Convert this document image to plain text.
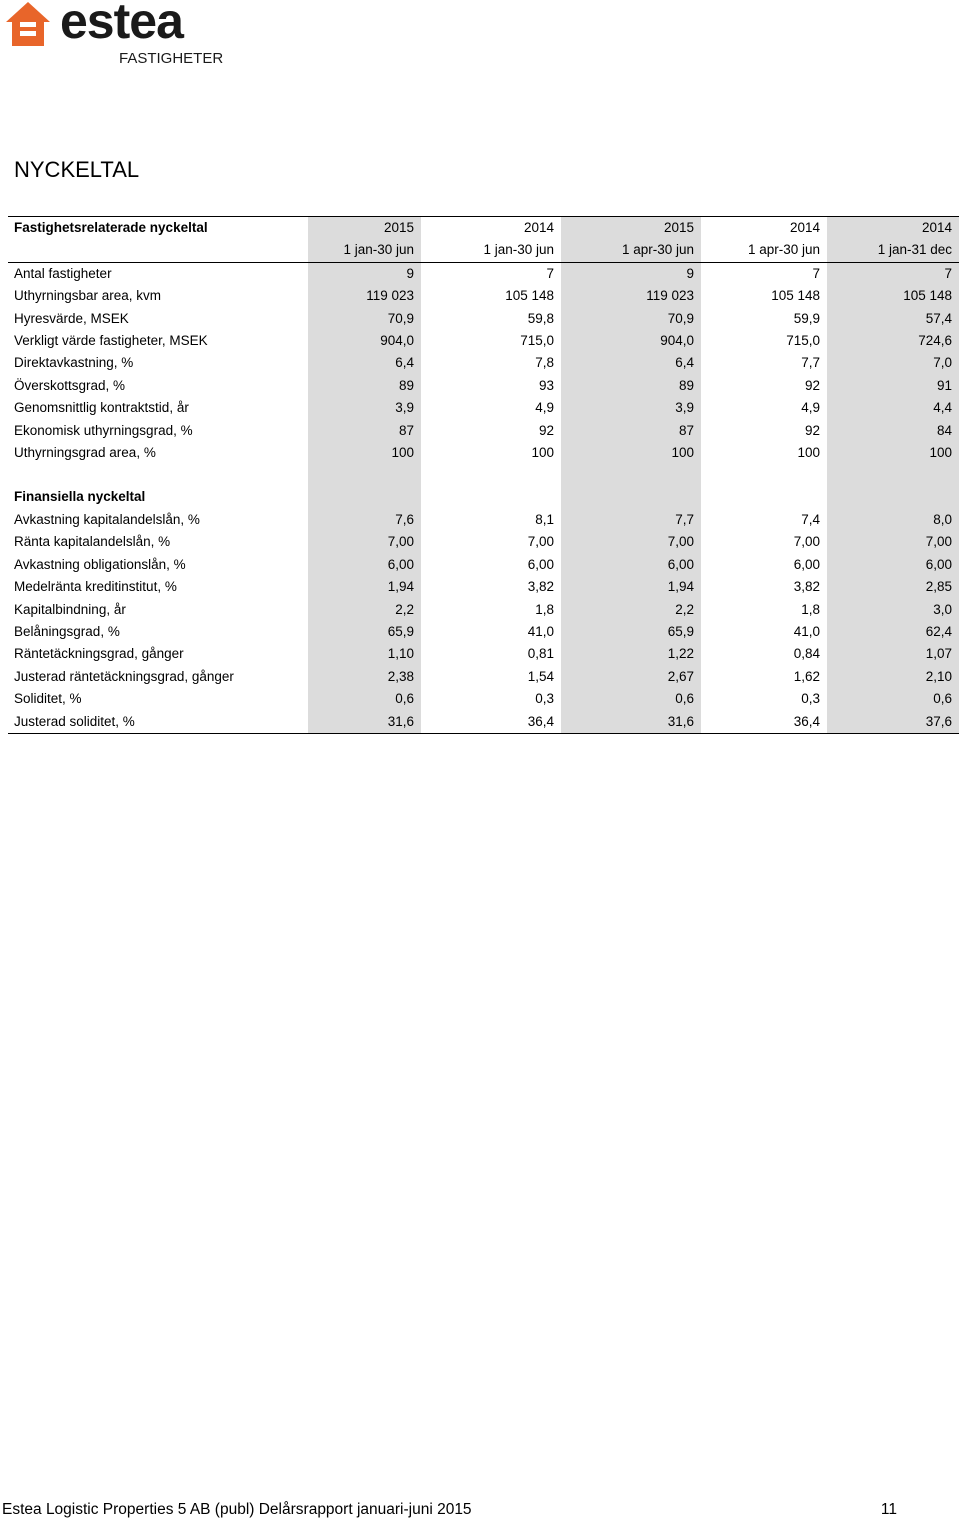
estea
FASTIGHETER
NYCKELTAL
Fastighetsrelaterade nyckeltal	2015	2014	2015	2014	2014
	1 jan-30 jun	1 jan-30 jun	1 apr-30 jun	1 apr-30 jun	1 jan-31 dec
Antal fastigheter	9	7	9	7	7
Uthyrningsbar area, kvm	119 023	105 148	119 023	105 148	105 148
Hyresvärde, MSEK	70,9	59,8	70,9	59,9	57,4
Verkligt värde fastigheter, MSEK	904,0	715,0	904,0	715,0	724,6
Direktavkastning, %	6,4	7,8	6,4	7,7	7,0
Överskottsgrad, %	89	93	89	92	91
Genomsnittlig kontraktstid, år	3,9	4,9	3,9	4,9	4,4
Ekonomisk uthyrningsgrad, %	87	92	87	92	84
Uthyrningsgrad area, %	100	100	100	100	100

Finansiella nyckeltal					
Avkastning kapitalandelslån, %	7,6	8,1	7,7	7,4	8,0
Ränta kapitalandelslån, %	7,00	7,00	7,00	7,00	7,00
Avkastning obligationslån, %	6,00	6,00	6,00	6,00	6,00
Medelränta kreditinstitut, %	1,94	3,82	1,94	3,82	2,85
Kapitalbindning, år	2,2	1,8	2,2	1,8	3,0
Belåningsgrad, %	65,9	41,0	65,9	41,0	62,4
Räntetäckningsgrad, gånger	1,10	0,81	1,22	0,84	1,07
Justerad räntetäckningsgrad, gånger	2,38	1,54	2,67	1,62	2,10
Soliditet, %	0,6	0,3	0,6	0,3	0,6
Justerad soliditet, %	31,6	36,4	31,6	36,4	37,6
Estea Logistic Properties 5 AB (publ) Delårsrapport januari-juni 2015	11
